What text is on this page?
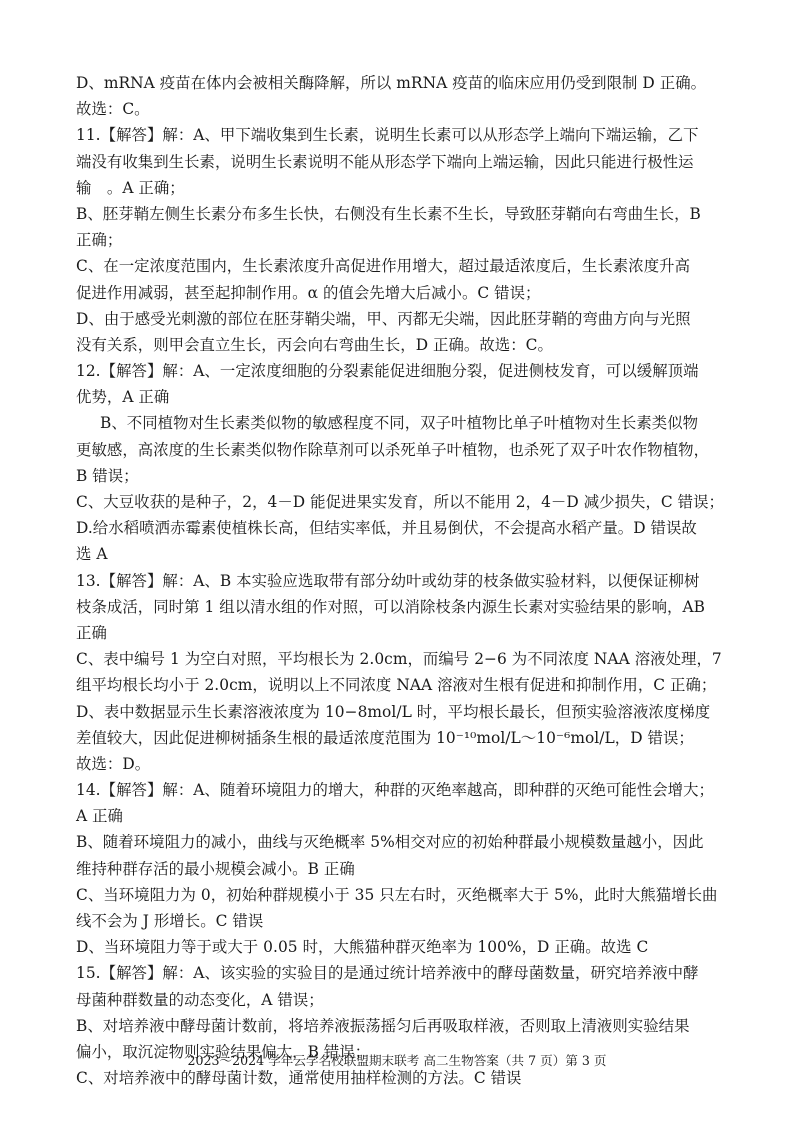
D、mRNA 疫苗在体内会被相关酶降解，所以 mRNA 疫苗的临床应用仍受到限制 D 正确。
故选：C。
11.【解答】解：A、甲下端收集到生长素，说明生长素可以从形态学上端向下端运输，乙下
端没有收集到生长素，说明生长素说明不能从形态学下端向上端运输，因此只能进行极性运
输　。A 正确；
B、胚芽鞘左侧生长素分布多生长快，右侧没有生长素不生长，导致胚芽鞘向右弯曲生长，B
正确；
C、在一定浓度范围内，生长素浓度升高促进作用增大，超过最适浓度后，生长素浓度升高
促进作用减弱，甚至起抑制作用。α 的值会先增大后减小。C 错误；
D、由于感受光刺激的部位在胚芽鞘尖端，甲、丙都无尖端，因此胚芽鞘的弯曲方向与光照
没有关系，则甲会直立生长，丙会向右弯曲生长，D 正确。故选：C。
12.【解答】解：A、一定浓度细胞的分裂素能促进细胞分裂，促进侧枝发育，可以缓解顶端
优势，A 正确
B、不同植物对生长素类似物的敏感程度不同，双子叶植物比单子叶植物对生长素类似物
更敏感，高浓度的生长素类似物作除草剂可以杀死单子叶植物，也杀死了双子叶农作物植物，
B 错误；
C、大豆收获的是种子，2，4－D 能促进果实发育，所以不能用 2，4－D 减少损失，C 错误；
D.给水稻喷洒赤霉素使植株长高，但结实率低，并且易倒伏，不会提高水稻产量。D 错误故
选 A
13.【解答】解：A、B 本实验应选取带有部分幼叶或幼芽的枝条做实验材料，以便保证柳树
枝条成活，同时第 1 组以清水组的作对照，可以消除枝条内源生长素对实验结果的影响，AB
正确
C、表中编号 1 为空白对照，平均根长为 2.0cm，而编号 2−6 为不同浓度 NAA 溶液处理，7
组平均根长均小于 2.0cm，说明以上不同浓度 NAA 溶液对生根有促进和抑制作用，C 正确；
D、表中数据显示生长素溶液浓度为 10−8mol/L 时，平均根长最长，但预实验溶液浓度梯度
差值较大，因此促进柳树插条生根的最适浓度范围为 10⁻¹⁰mol/L～10⁻⁶mol/L，D 错误；
故选：D。
14.【解答】解：A、随着环境阻力的增大，种群的灭绝率越高，即种群的灭绝可能性会增大；
A 正确
B、随着环境阻力的减小，曲线与灭绝概率 5%相交对应的初始种群最小规模数量越小，因此
维持种群存活的最小规模会减小。B 正确
C、当环境阻力为 0，初始种群规模小于 35 只左右时，灭绝概率大于 5%，此时大熊猫增长曲
线不会为 J 形增长。C 错误
D、当环境阻力等于或大于 0.05 时，大熊猫种群灭绝率为 100%，D 正确。故选 C
15.【解答】解：A、该实验的实验目的是通过统计培养液中的酵母菌数量，研究培养液中酵
母菌种群数量的动态变化，A 错误；
B、对培养液中酵母菌计数前，将培养液振荡摇匀后再吸取样液，否则取上清液则实验结果
偏小，取沉淀物则实验结果偏大，B 错误；
C、对培养液中的酵母菌计数，通常使用抽样检测的方法。C 错误
2023～2024 学年云学名校联盟期末联考 高二生物答案（共 7 页）第 3 页
